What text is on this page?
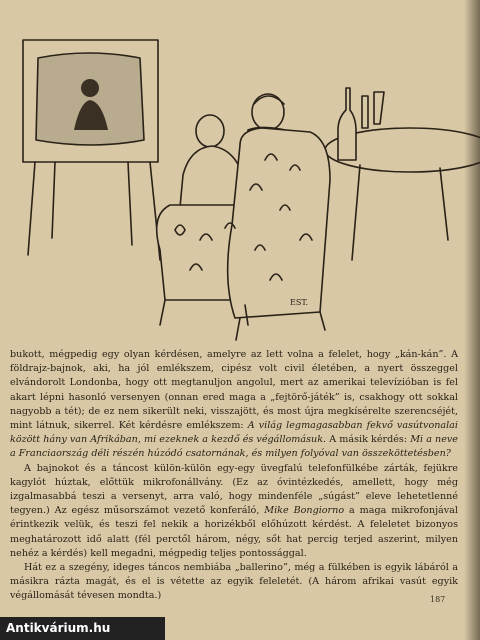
EST.

bukott, mégpedig egy olyan kérdésen, amelyre az lett volna a felelet, hogy „kán-kán”. A földrajz-bajnok, aki, ha jól emlékszem, cipész volt civil életében, a nyert összeggel elvándorolt Londonba, hogy ott megtanuljon angolul, mert az amerikai televízióban is fel akart lépni hasonló versenyen (onnan ered maga a „fejtörő-játék” is, csakhogy ott sokkal nagyobb a tét); de ez nem sikerült neki, visszajött, és most újra megkísérelte szerencséjét, mint látnuk, sikerrel. Két kérdésre emlékszem: A világ legmagasabban fekvő vasútvonalai között hány van Afrikában, mi ezeknek a kezdő és végállomásuk. A másik kérdés: Mi a neve a Franciaország déli részén húzódó csatornának, és milyen folyóval van összeköttetésben?

A bajnokot és a táncost külön-külön egy-egy üvegfalú telefonfülkébe zárták, fejükre kagylót húztak, előttük mikrofonállvány. (Ez az óvintézkedés, amellett, hogy még izgalmasabbá teszi a versenyt, arra való, hogy mindenféle „súgást” eleve lehetetlenné tegyen.) Az egész műsorszámot vezető konferáló, Mike Bongiorno a maga mikrofonjával érintkezik velük, és teszi fel nekik a horizékből előhúzott kérdést. A feleletet bizonyos meghatározott idő alatt (fél perctől három, négy, sőt hat percig terjed aszerint, milyen nehéz a kérdés) kell megadni, mégpedig teljes pontossággal.

Hát ez a szegény, ideges táncos nembiába „ballerino”, még a fülkében is egyik lábáról a másikra rázta magát, és el is vétette az egyik feleletét. (A három afrikai vasút egyik végállomását tévesen mondta.)	187
Antikvárium.hu
